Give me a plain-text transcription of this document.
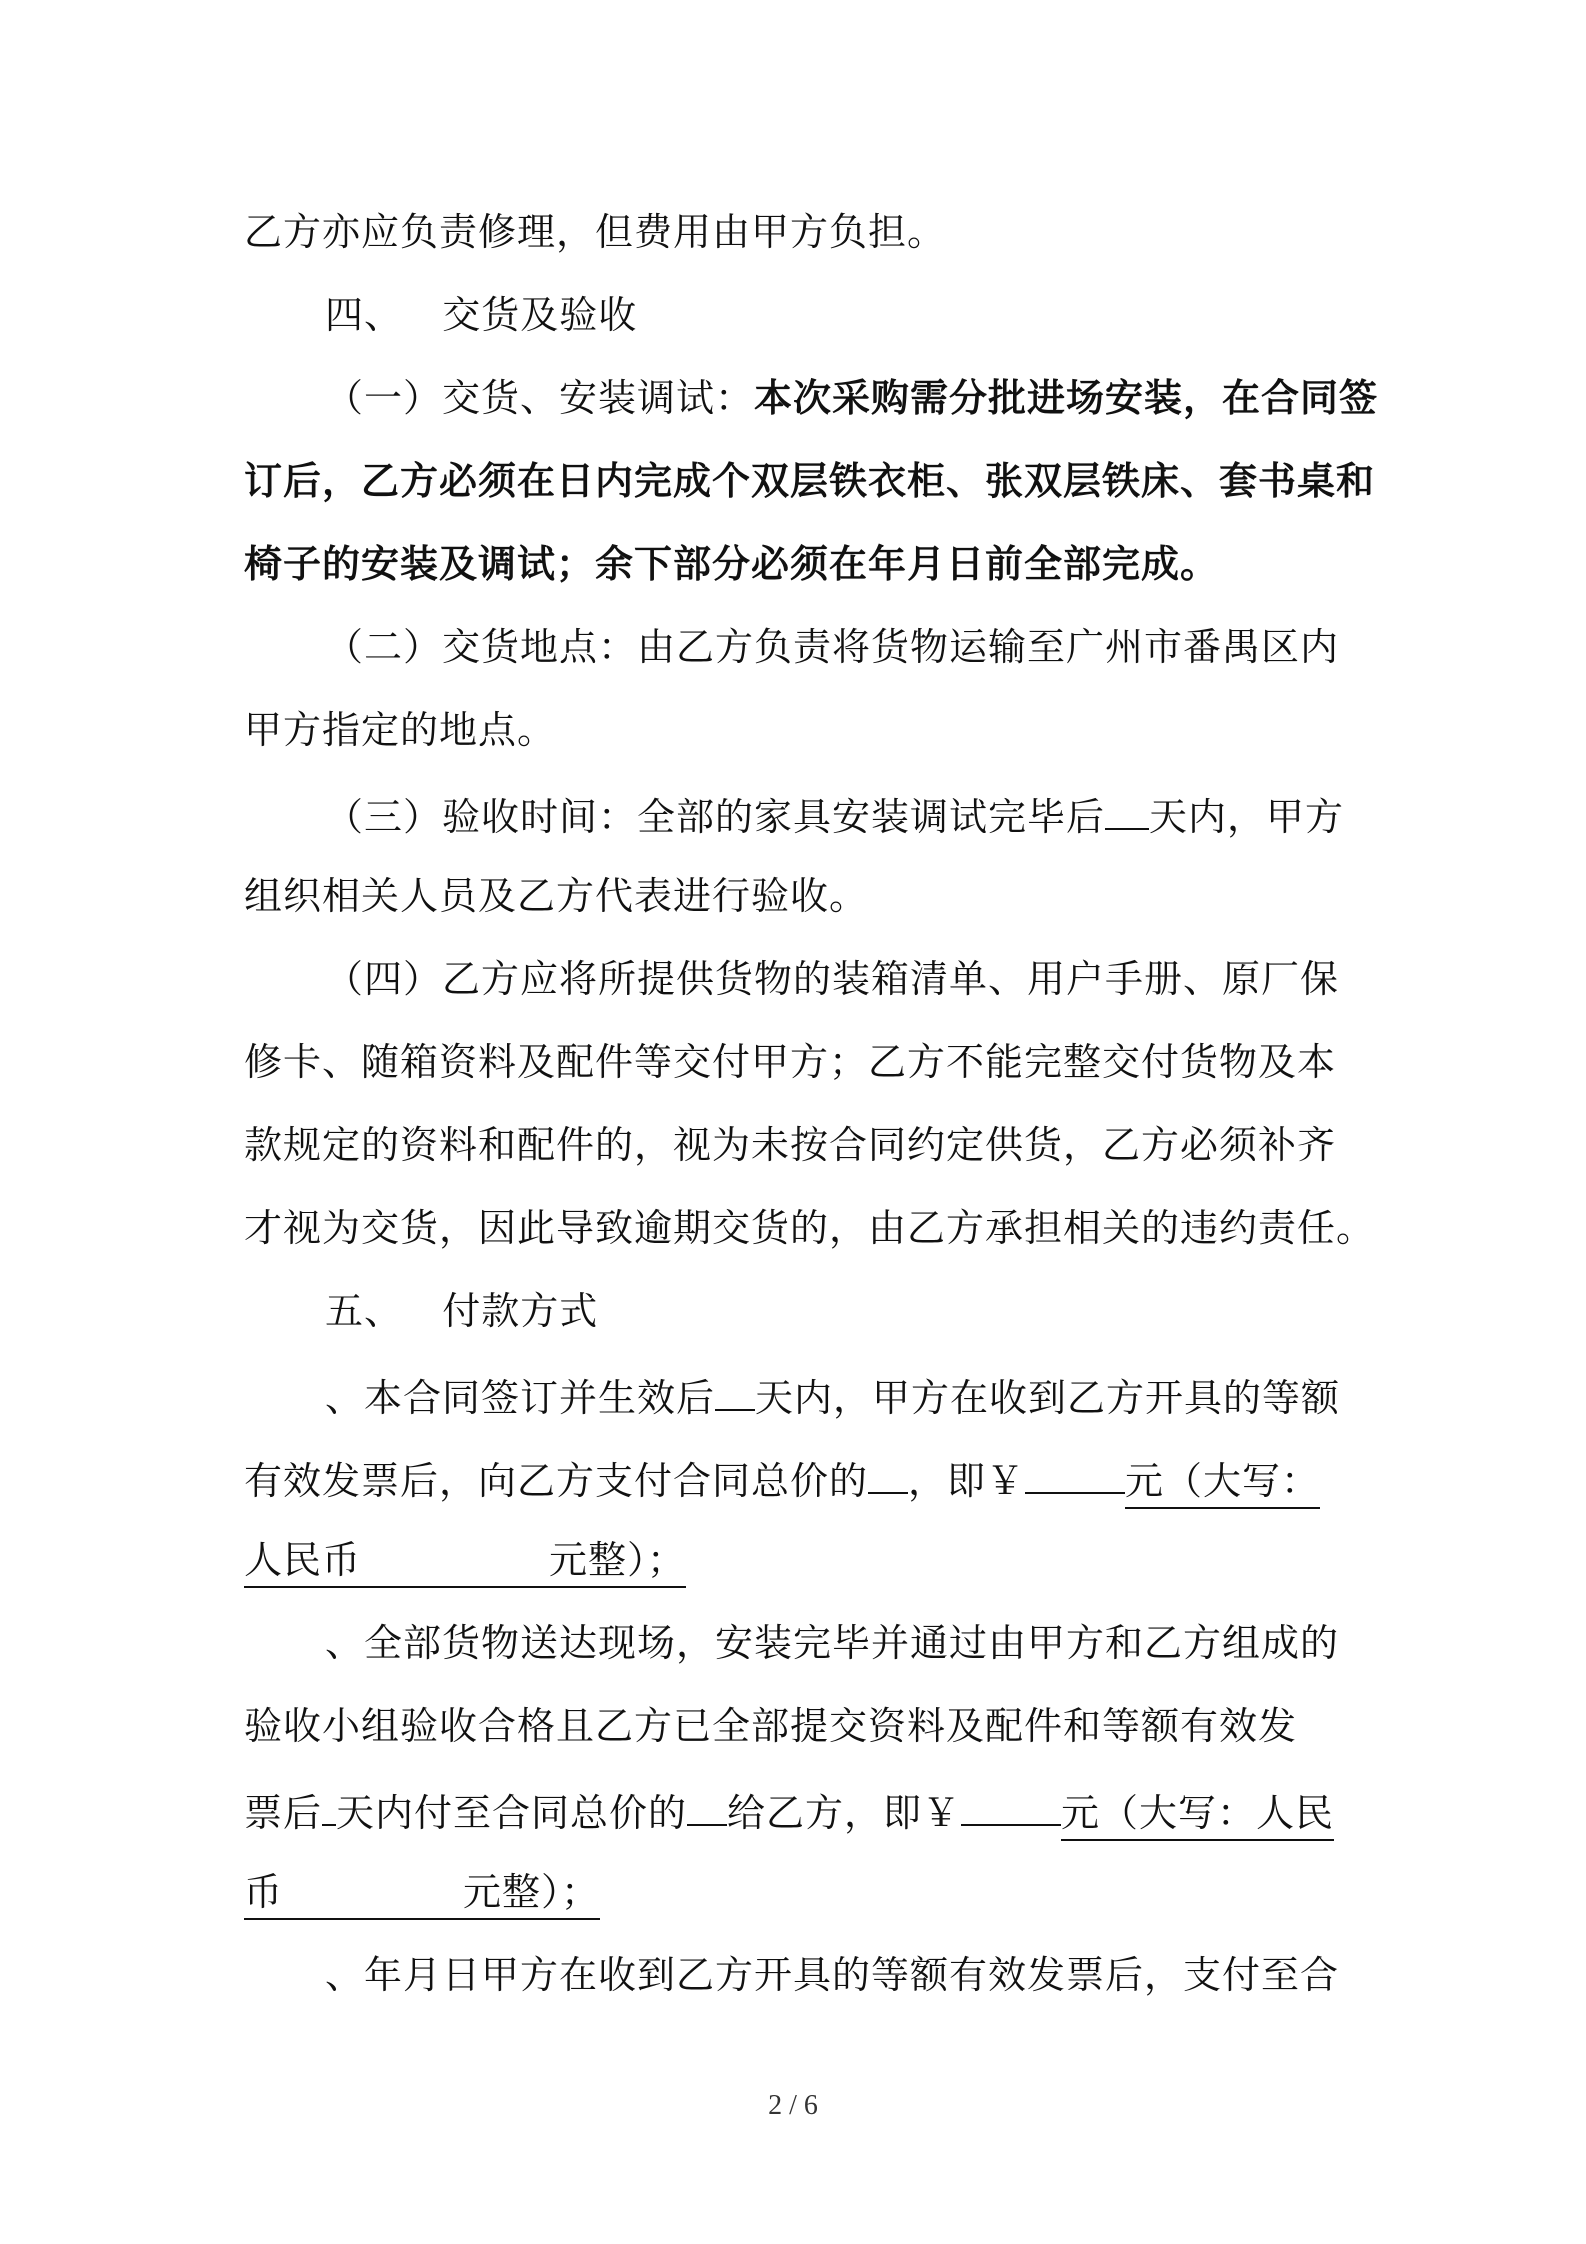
乙方亦应负责修理，但费用由甲方负担。
四、 交货及验收
（一）交货、安装调试：本次采购需分批进场安装，在合同签
订后，乙方必须在日内完成个双层铁衣柜、张双层铁床、套书桌和
椅子的安装及调试；余下部分必须在年月日前全部完成。
（二）交货地点：由乙方负责将货物运输至广州市番禺区内
甲方指定的地点。
（三）验收时间：全部的家具安装调试完毕后 天内，甲方
组织相关人员及乙方代表进行验收。
（四）乙方应将所提供货物的装箱清单、用户手册、原厂保
修卡、随箱资料及配件等交付甲方；乙方不能完整交付货物及本
款规定的资料和配件的，视为未按合同约定供货，乙方必须补齐
才视为交货，因此导致逾期交货的，由乙方承担相关的违约责任。
五、 付款方式
、本合同签订并生效后 天内，甲方在收到乙方开具的等额
有效发票后，向乙方支付合同总价的 ，即￥	元（大写：
人民币	元整）；
、全部货物送达现场，安装完毕并通过由甲方和乙方组成的
验收小组验收合格且乙方已全部提交资料及配件和等额有效发
票后 天内付至合同总价的 给乙方，即￥	元（大写：人民
币	元整）；
、年月日甲方在收到乙方开具的等额有效发票后，支付至合
2 / 6
